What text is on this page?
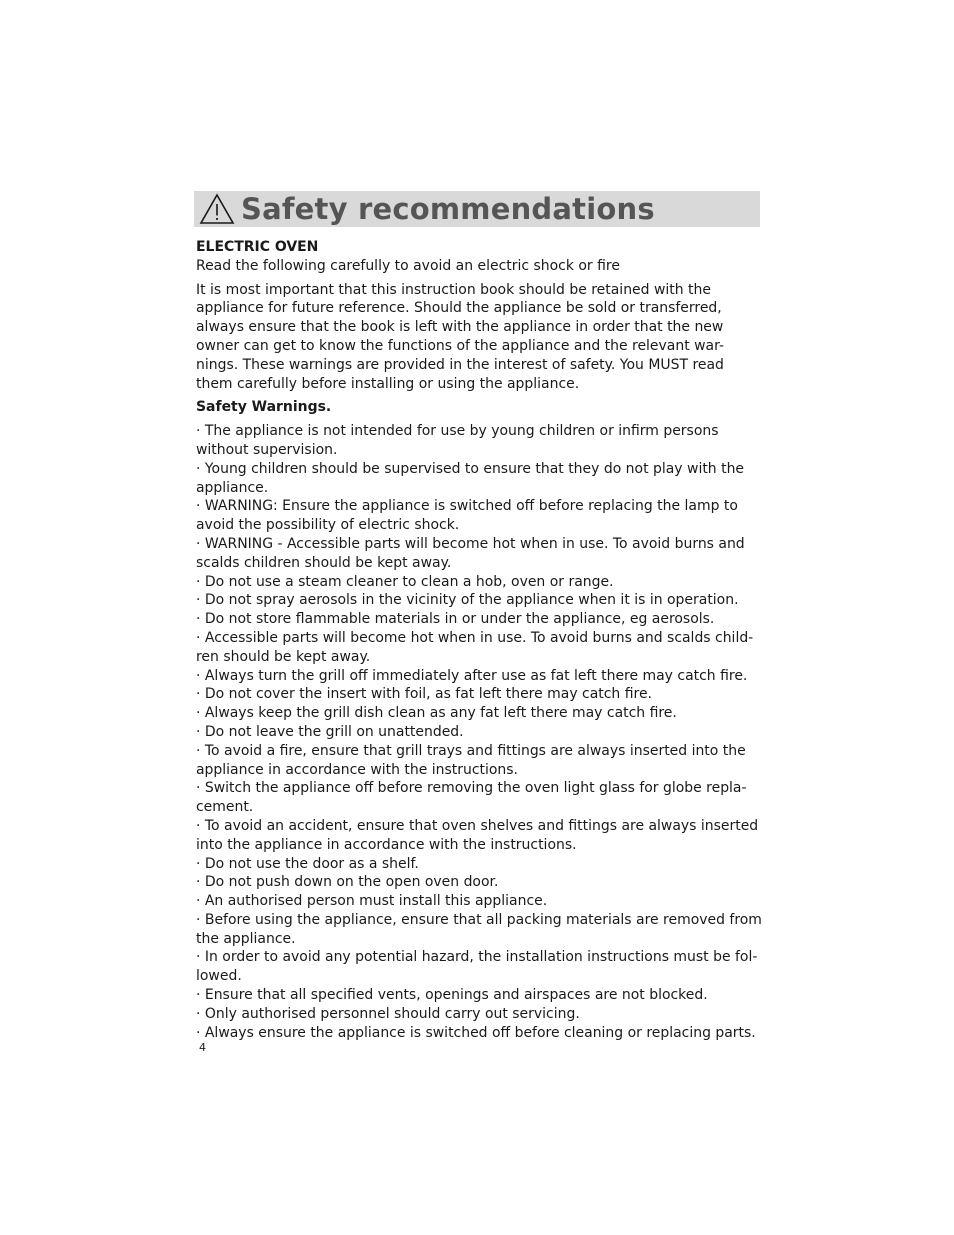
Safety recommendations
ELECTRIC OVEN
Read the following carefully to avoid an electric shock or fire
It is most important that this instruction book should be retained with the
appliance for future reference. Should the appliance be sold or transferred,
always ensure that the book is left with the appliance in order that the new
owner can get to know the functions of the appliance and the relevant war-
nings. These warnings are provided in the interest of safety. You MUST read
them carefully before installing or using the appliance.
Safety Warnings.
· The appliance is not intended for use by young children or infirm persons
without supervision.
· Young children should be supervised to ensure that they do not play with the
appliance.
· WARNING: Ensure the appliance is switched off before replacing the lamp to
avoid the possibility of electric shock.
· WARNING - Accessible parts will become hot when in use. To avoid burns and
scalds children should be kept away.
· Do not use a steam cleaner to clean a hob, oven or range.
· Do not spray aerosols in the vicinity of the appliance when it is in operation.
· Do not store flammable materials in or under the appliance, eg aerosols.
· Accessible parts will become hot when in use. To avoid burns and scalds child-
ren should be kept away.
· Always turn the grill off immediately after use as fat left there may catch fire.
· Do not cover the insert with foil, as fat left there may catch fire.
· Always keep the grill dish clean as any fat left there may catch fire.
· Do not leave the grill on unattended.
· To avoid a fire, ensure that grill trays and fittings are always inserted into the
appliance in accordance with the instructions.
· Switch the appliance off before removing the oven light glass for globe repla-
cement.
· To avoid an accident, ensure that oven shelves and fittings are always inserted
into the appliance in accordance with the instructions.
· Do not use the door as a shelf.
· Do not push down on the open oven door.
· An authorised person must install this appliance.
· Before using the appliance, ensure that all packing materials are removed from
the appliance.
· In order to avoid any potential hazard, the installation instructions must be fol-
lowed.
· Ensure that all specified vents, openings and airspaces are not blocked.
· Only authorised personnel should carry out servicing.
· Always ensure the appliance is switched off before cleaning or replacing parts.
4
